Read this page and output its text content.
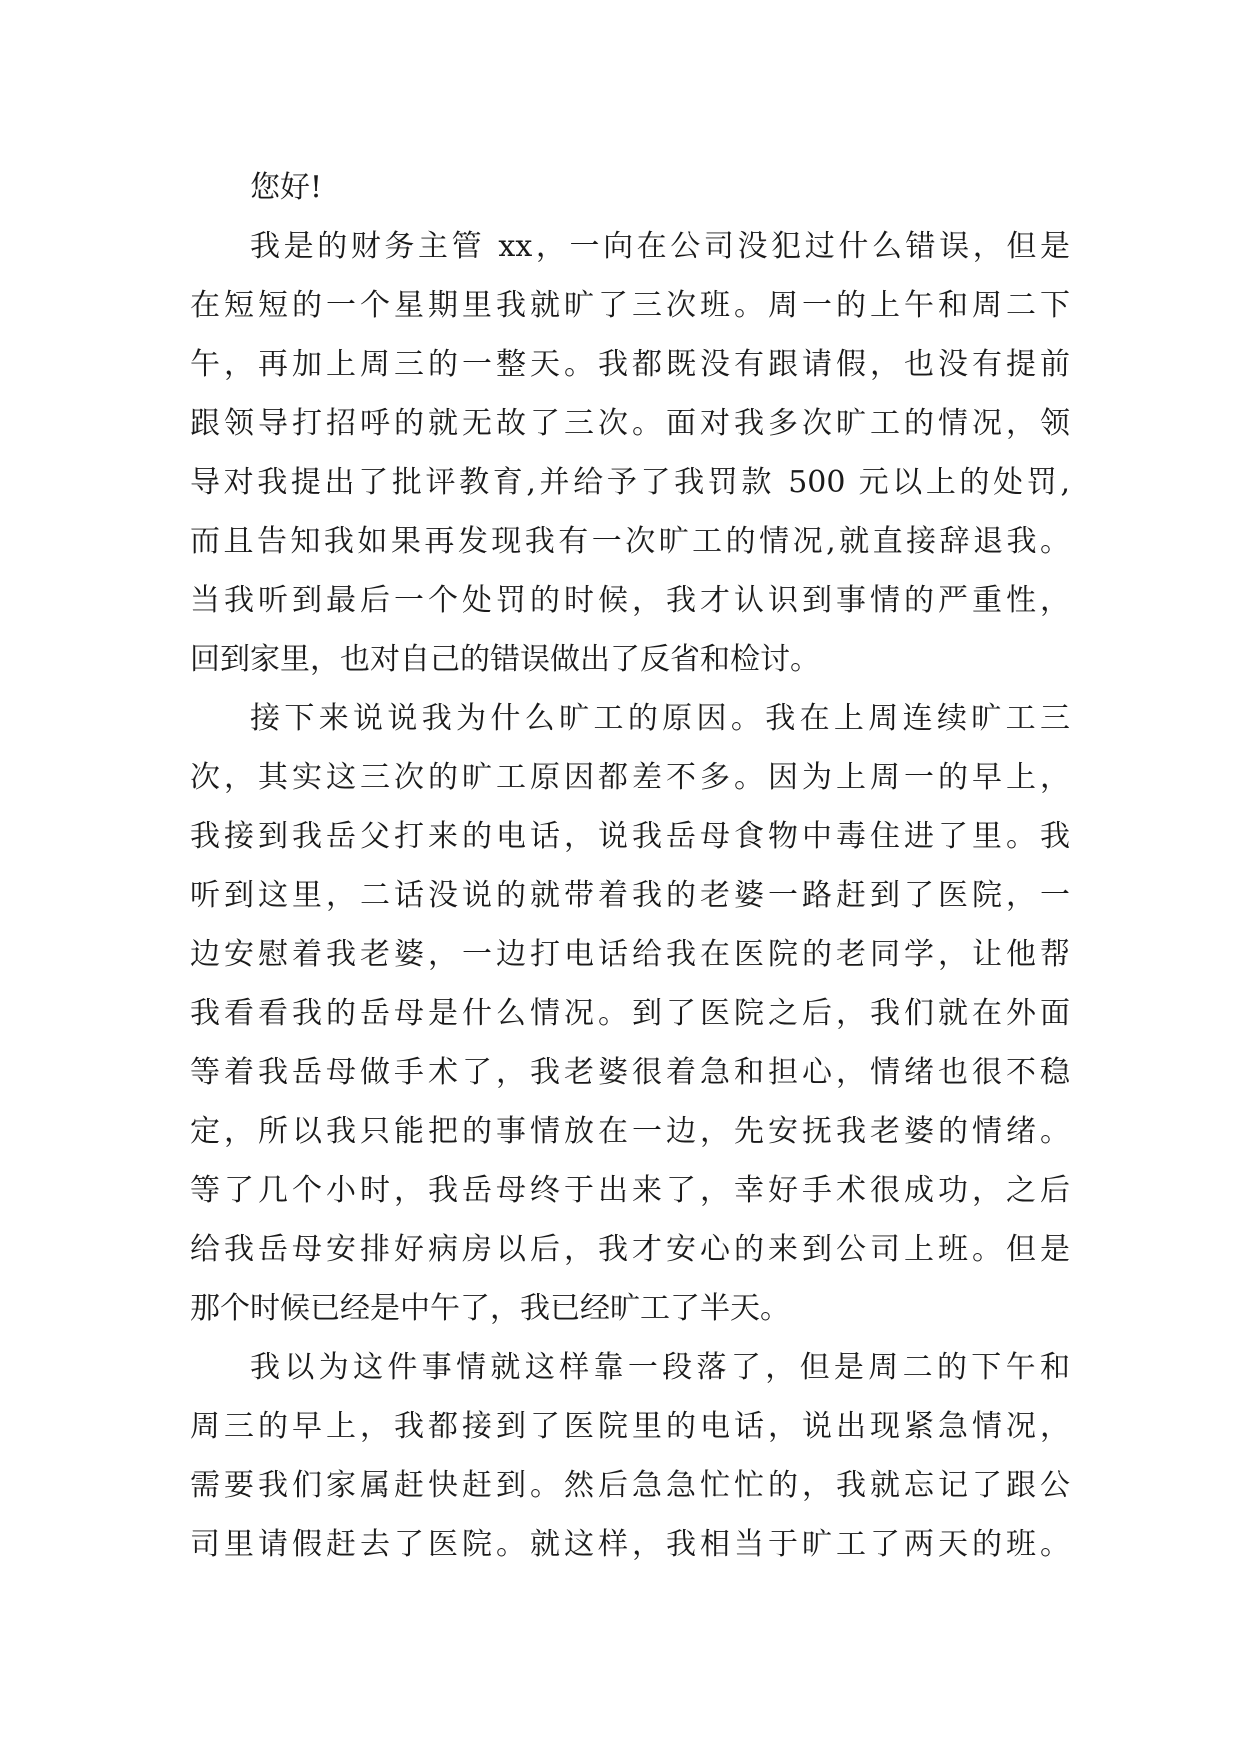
您好!
我是的财务主管 xx，一向在公司没犯过什么错误，但是
在短短的一个星期里我就旷了三次班。周一的上午和周二下
午，再加上周三的一整天。我都既没有跟请假，也没有提前
跟领导打招呼的就无故了三次。面对我多次旷工的情况，领
导对我提出了批评教育,并给予了我罚款 500 元以上的处罚,
而且告知我如果再发现我有一次旷工的情况,就直接辞退我。
当我听到最后一个处罚的时候，我才认识到事情的严重性，
回到家里，也对自己的错误做出了反省和检讨。
接下来说说我为什么旷工的原因。我在上周连续旷工三
次，其实这三次的旷工原因都差不多。因为上周一的早上，
我接到我岳父打来的电话，说我岳母食物中毒住进了里。我
听到这里，二话没说的就带着我的老婆一路赶到了医院，一
边安慰着我老婆，一边打电话给我在医院的老同学，让他帮
我看看我的岳母是什么情况。到了医院之后，我们就在外面
等着我岳母做手术了，我老婆很着急和担心，情绪也很不稳
定，所以我只能把的事情放在一边，先安抚我老婆的情绪。
等了几个小时，我岳母终于出来了，幸好手术很成功，之后
给我岳母安排好病房以后，我才安心的来到公司上班。但是
那个时候已经是中午了，我已经旷工了半天。
我以为这件事情就这样靠一段落了，但是周二的下午和
周三的早上，我都接到了医院里的电话，说出现紧急情况，
需要我们家属赶快赶到。然后急急忙忙的，我就忘记了跟公
司里请假赶去了医院。就这样，我相当于旷工了两天的班。
